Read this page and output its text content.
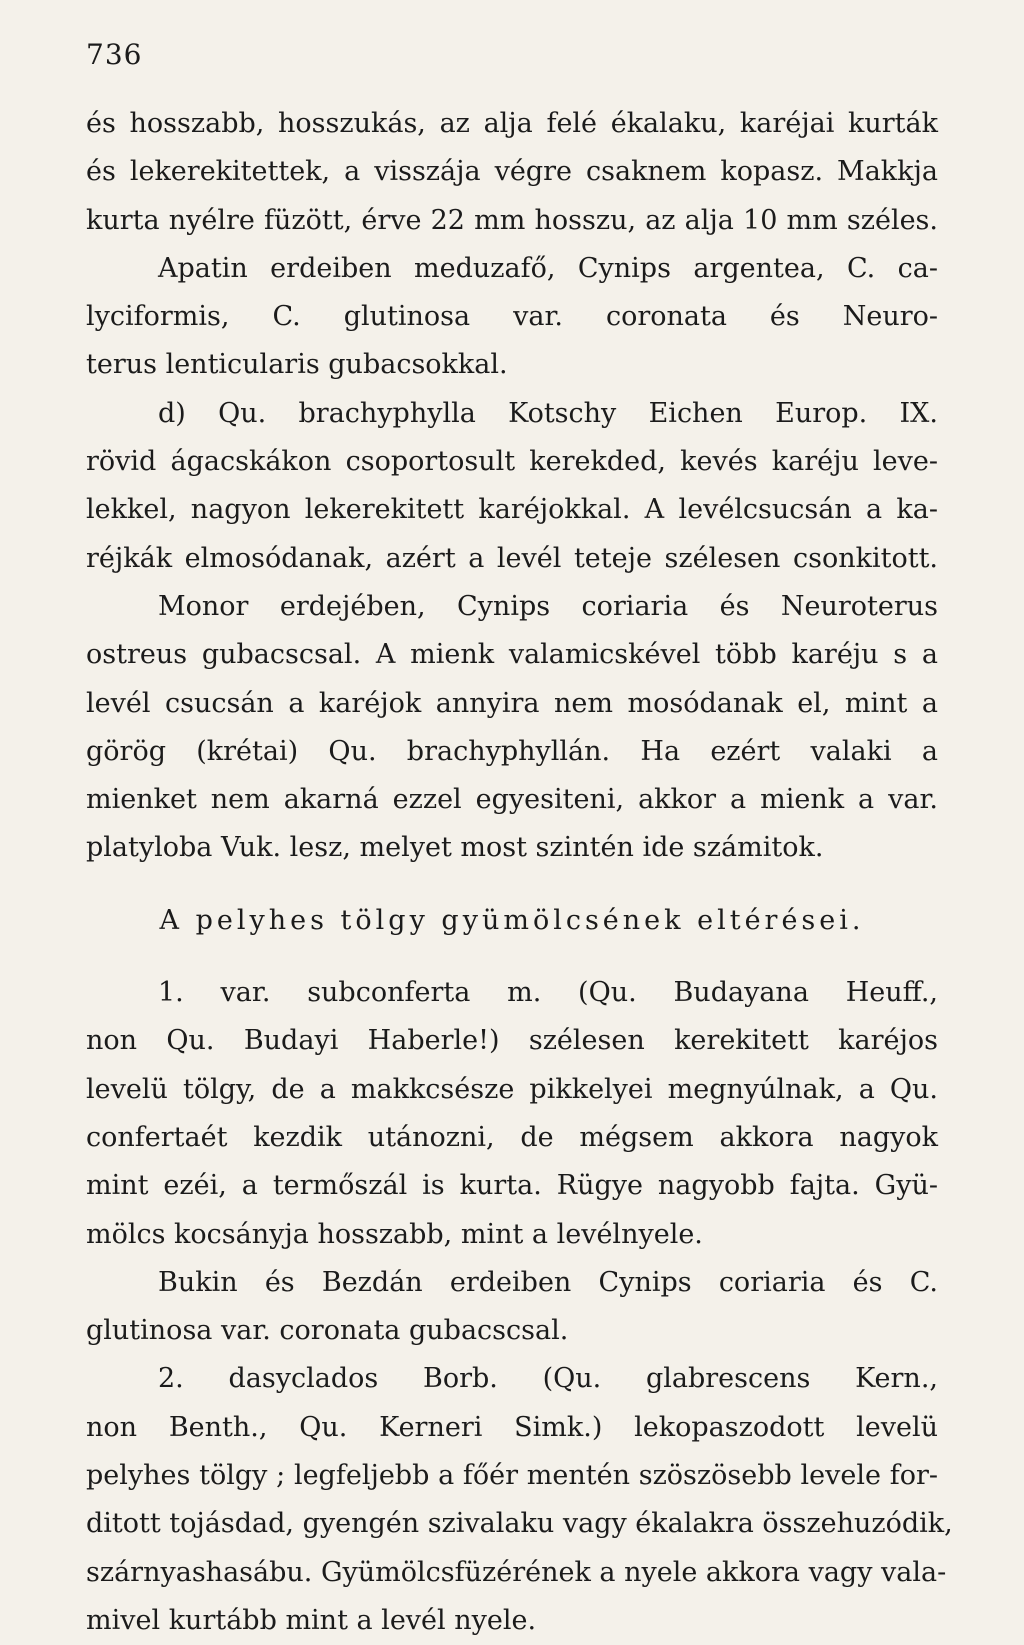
736
és hosszabb, hosszukás, az alja felé ékalaku, karéjai kurták
és lekerekitettek, a visszája végre csaknem kopasz. Makkja
kurta nyélre füzött, érve 22 mm hosszu, az alja 10 mm széles.
Apatin erdeiben meduzafő, Cynips argentea, C. ca-
lyciformis, C. glutinosa var. coronata és Neuro-
terus lenticularis gubacsokkal.
d) Qu. brachyphylla Kotschy Eichen Europ. IX.
rövid ágacskákon csoportosult kerekded, kevés karéju leve-
lekkel, nagyon lekerekitett karéjokkal. A levélcsucsán a ka-
réjkák elmosódanak, azért a levél teteje szélesen csonkitott.
Monor erdejében, Cynips coriaria és Neuroterus
ostreus gubacscsal. A mienk valamicskével több karéju s a
levél csucsán a karéjok annyira nem mosódanak el, mint a
görög (krétai) Qu. brachyphyllán. Ha ezért valaki a
mienket nem akarná ezzel egyesiteni, akkor a mienk a var.
platyloba Vuk. lesz, melyet most szintén ide számitok.
A pelyhes tölgy gyümölcsének eltérései.
1. var. subconferta m. (Qu. Budayana Heuff.,
non Qu. Budayi Haberle!) szélesen kerekitett karéjos
levelü tölgy, de a makkcsésze pikkelyei megnyúlnak, a Qu.
confertaét kezdik utánozni, de mégsem akkora nagyok
mint ezéi, a termőszál is kurta. Rügye nagyobb fajta. Gyü-
mölcs kocsányja hosszabb, mint a levélnyele.
Bukin és Bezdán erdeiben Cynips coriaria és C.
glutinosa var. coronata gubacscsal.
2. dasyclados Borb. (Qu. glabrescens Kern.,
non Benth., Qu. Kerneri Simk.) lekopaszodott levelü
pelyhes tölgy ; legfeljebb a főér mentén szöszösebb levele for-
ditott tojásdad, gyengén szivalaku vagy ékalakra összehuzódik,
szárnyashasábu. Gyümölcsfüzérének a nyele akkora vagy vala-
mivel kurtább mint a levél nyele.
